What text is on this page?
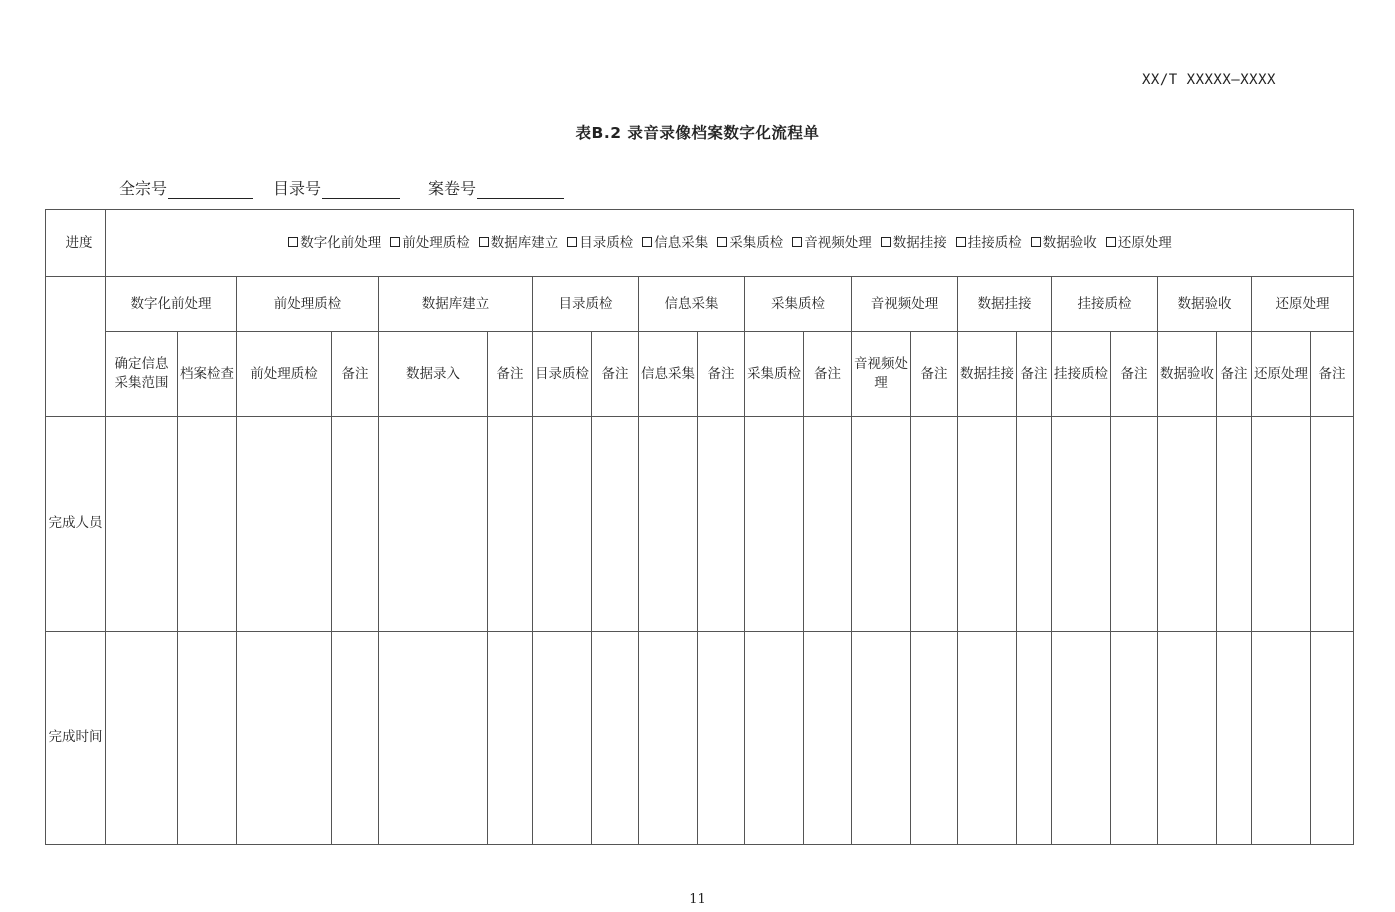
XX/T XXXXX—XXXX
表B.2 录音录像档案数字化流程单
全宗号	目录号	案卷号
进度	数字化前处理 前处理质检 数据库建立 目录质检 信息采集 采集质检 音视频处理 数据挂接 挂接质检 数据验收 还原处理																					
	数字化前处理		前处理质检		数据库建立		目录质检		信息采集		采集质检		音视频处理		数据挂接		挂接质检		数据验收		还原处理	
	确定信息采集范围	档案检查	前处理质检	备注	数据录入	备注	目录质检	备注	信息采集	备注	采集质检	备注	音视频处理	备注	数据挂接	备注	挂接质检	备注	数据验收	备注	还原处理	备注
完成人员																						
完成时间																						
11
